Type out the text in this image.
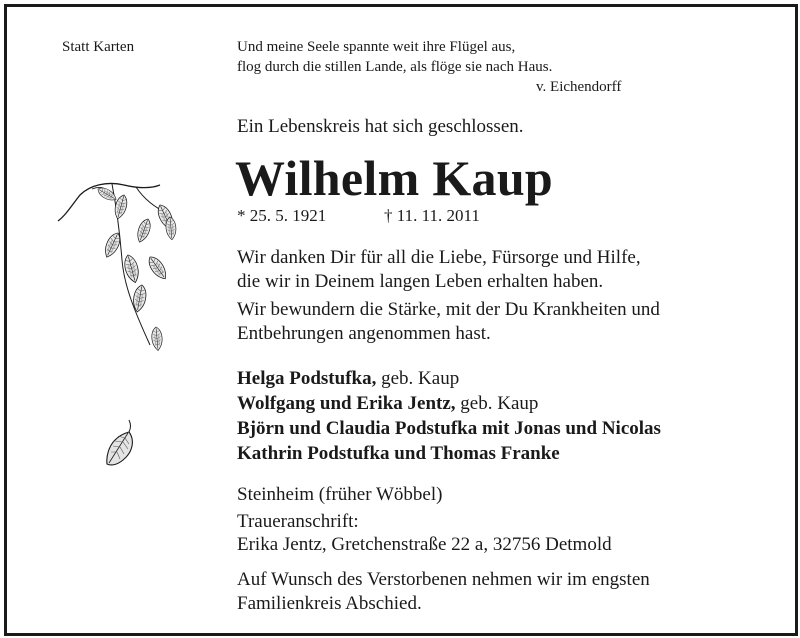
Statt Karten	Und meine Seele spannte weit ihre Flügel aus,
flog durch die stillen Lande, als flöge sie nach Haus.
v. Eichendorff
Ein Lebenskreis hat sich geschlossen.
Wilhelm Kaup
* 25. 5. 1921	† 11. 11. 2011
Wir danken Dir für all die Liebe, Fürsorge und Hilfe,
die wir in Deinem langen Leben erhalten haben.
Wir bewundern die Stärke, mit der Du Krankheiten und
Entbehrungen angenommen hast.
Helga Podstufka, geb. Kaup
Wolfgang und Erika Jentz, geb. Kaup
Björn und Claudia Podstufka mit Jonas und Nicolas
Kathrin Podstufka und Thomas Franke
Steinheim (früher Wöbbel)
Traueranschrift:
Erika Jentz, Gretchenstraße 22 a, 32756 Detmold
Auf Wunsch des Verstorbenen nehmen wir im engsten
Familienkreis Abschied.
